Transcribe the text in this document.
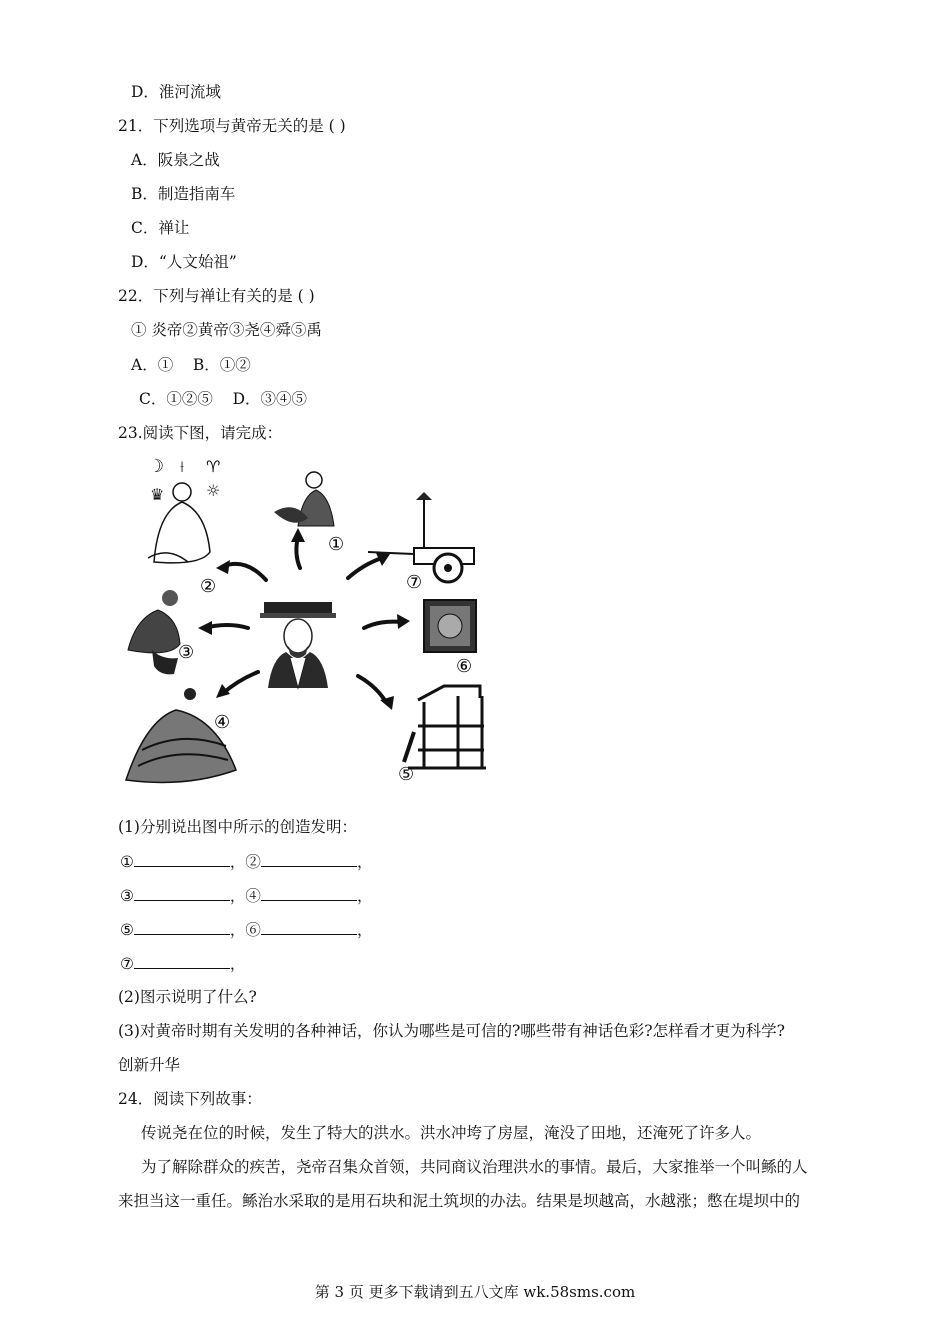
D．淮河流域
21．下列选项与黄帝无关的是 ( )
A．阪泉之战
B．制造指南车
C．禅让
D．“人文始祖”
22．下列与禅让有关的是 ( )
① 炎帝②黄帝③尧④舜⑤禹
A．①    B．①②
C．①②⑤    D．③④⑤
23.阅读下图，请完成：
①
☽ ⟊ ♈
♛	☼
②
③
④
⑦
⑥
⑤
(1)分别说出图中所示的创造发明：
①	，②	，
③	，④	，
⑤	，⑥	，
⑦	，
(2)图示说明了什么?
(3)对黄帝时期有关发明的各种神话，你认为哪些是可信的?哪些带有神话色彩?怎样看才更为科学?
创新升华
24．阅读下列故事：
传说尧在位的时候，发生了特大的洪水。洪水冲垮了房屋，淹没了田地，还淹死了许多人。
为了解除群众的疾苦，尧帝召集众首领，共同商议治理洪水的事情。最后，大家推举一个叫鲧的人
来担当这一重任。鲧治水采取的是用石块和泥土筑坝的办法。结果是坝越高，水越涨；憋在堤坝中的
第 3 页 更多下载请到五八文库 wk.58sms.com
